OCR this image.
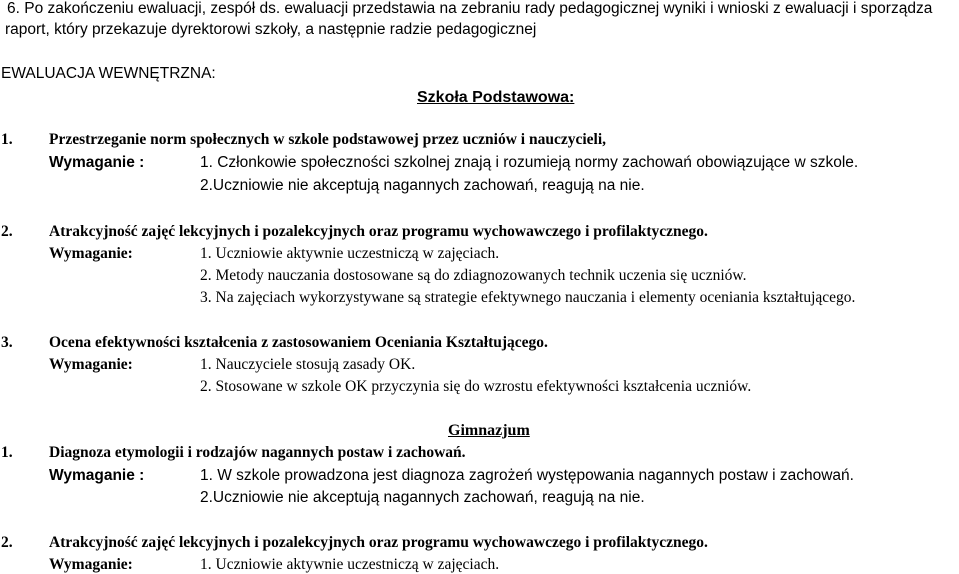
6. Po zakończeniu ewaluacji, zespół ds. ewaluacji przedstawia na zebraniu rady pedagogicznej wyniki i wnioski z ewaluacji i sporządza
raport, który przekazuje dyrektorowi szkoły, a następnie radzie pedagogicznej
EWALUACJA WEWNĘTRZNA:
Szkoła Podstawowa:
1. Przestrzeganie norm społecznych w szkole podstawowej przez uczniów i nauczycieli,
Wymaganie :	1. Członkowie społeczności szkolnej znają i rozumieją normy zachowań obowiązujące w szkole.
2.Uczniowie nie akceptują nagannych zachowań, reagują na nie.
2. Atrakcyjność zajęć lekcyjnych i pozalekcyjnych oraz programu wychowawczego i profilaktycznego.
Wymaganie:	1. Uczniowie aktywnie uczestniczą w zajęciach.
2. Metody nauczania dostosowane są do zdiagnozowanych technik uczenia się uczniów.
3. Na zajęciach wykorzystywane są strategie efektywnego nauczania i elementy oceniania kształtującego.
3. Ocena efektywności kształcenia z zastosowaniem Oceniania Kształtującego.
Wymaganie:	1. Nauczyciele stosują zasady OK.
2. Stosowane w szkole OK przyczynia się do wzrostu efektywności kształcenia uczniów.
Gimnazjum
1. Diagnoza etymologii i rodzajów nagannych postaw i zachowań.
Wymaganie :	1. W szkole prowadzona jest diagnoza zagrożeń występowania nagannych postaw i zachowań.
2.Uczniowie nie akceptują nagannych zachowań, reagują na nie.
2. Atrakcyjność zajęć lekcyjnych i pozalekcyjnych oraz programu wychowawczego i profilaktycznego.
Wymaganie:	1. Uczniowie aktywnie uczestniczą w zajęciach.
